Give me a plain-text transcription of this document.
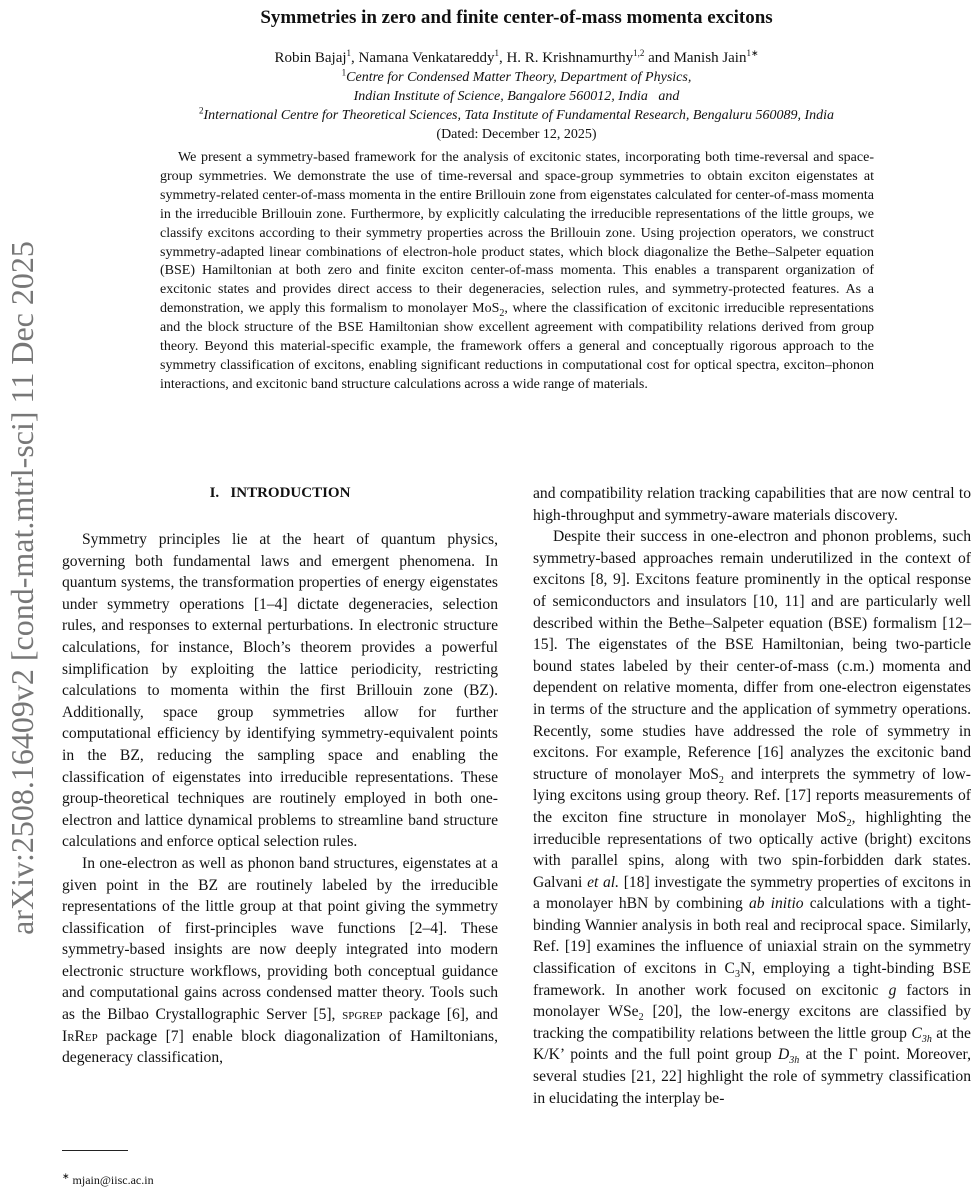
arXiv:2508.16409v2 [cond-mat.mtrl-sci] 11 Dec 2025
Symmetries in zero and finite center-of-mass momenta excitons
Robin Bajaj$^1$, Namana Venkatareddy$^1$, H. R. Krishnamurthy$^{1,2}$ and Manish Jain$^{1∗}$
$^1$Centre for Condensed Matter Theory, Department of Physics,
Indian Institute of Science, Bangalore 560012, India   and
$^2$International Centre for Theoretical Sciences, Tata Institute of Fundamental Research, Bengaluru 560089, India
(Dated: December 12, 2025)

We present a symmetry-based framework for the analysis of excitonic states, incorporating both time-reversal and space-group symmetries. We demonstrate the use of time-reversal and space-group symmetries to obtain exciton eigenstates at symmetry-related center-of-mass momenta in the entire Brillouin zone from eigenstates calculated for center-of-mass momenta in the irreducible Brillouin zone. Furthermore, by explicitly calculating the irreducible representations of the little groups, we classify excitons according to their symmetry properties across the Brillouin zone. Using projection operators, we construct symmetry-adapted linear combinations of electron-hole product states, which block diagonalize the Bethe–Salpeter equation (BSE) Hamiltonian at both zero and finite exciton center-of-mass momenta. This enables a transparent organization of excitonic states and provides direct access to their degeneracies, selection rules, and symmetry-protected features. As a demonstration, we apply this formalism to monolayer MoS$_2$, where the classification of excitonic irreducible representations and the block structure of the BSE Hamiltonian show excellent agreement with compatibility relations derived from group theory. Beyond this material-specific example, the framework offers a general and conceptually rigorous approach to the symmetry classification of excitons, enabling significant reductions in computational cost for optical spectra, exciton–phonon interactions, and excitonic band structure calculations across a wide range of materials.

I. INTRODUCTION

Symmetry principles lie at the heart of quantum physics, governing both fundamental laws and emergent phenomena. In quantum systems, the transformation properties of energy eigenstates under symmetry operations [1–4] dictate degeneracies, selection rules, and responses to external perturbations. In electronic structure calculations, for instance, Bloch’s theorem provides a powerful simplification by exploiting the lattice periodicity, restricting calculations to momenta within the first Brillouin zone (BZ). Additionally, space group symmetries allow for further computational efficiency by identifying symmetry-equivalent points in the BZ, reducing the sampling space and enabling the classification of eigenstates into irreducible representations. These group-theoretical techniques are routinely employed in both one-electron and lattice dynamical problems to streamline band structure calculations and enforce optical selection rules.

In one-electron as well as phonon band structures, eigenstates at a given point in the BZ are routinely labeled by the irreducible representations of the little group at that point giving the symmetry classification of first-principles wave functions [2–4]. These symmetry-based insights are now deeply integrated into modern electronic structure workflows, providing both conceptual guidance and computational gains across condensed matter theory. Tools such as the Bilbao Crystallographic Server [5], spgrep package [6], and IrRep package [7] enable block diagonalization of Hamiltonians, degeneracy classification,

and compatibility relation tracking capabilities that are now central to high-throughput and symmetry-aware materials discovery.

Despite their success in one-electron and phonon problems, such symmetry-based approaches remain underutilized in the context of excitons [8, 9]. Excitons feature prominently in the optical response of semiconductors and insulators [10, 11] and are particularly well described within the Bethe–Salpeter equation (BSE) formalism [12–15]. The eigenstates of the BSE Hamiltonian, being two-particle bound states labeled by their center-of-mass (c.m.) momenta and dependent on relative momenta, differ from one-electron eigenstates in terms of the structure and the application of symmetry operations. Recently, some studies have addressed the role of symmetry in excitons. For example, Reference [16] analyzes the excitonic band structure of monolayer MoS$_2$ and interprets the symmetry of low-lying excitons using group theory. Ref. [17] reports measurements of the exciton fine structure in monolayer MoS$_2$, highlighting the irreducible representations of two optically active (bright) excitons with parallel spins, along with two spin-forbidden dark states. Galvani et al. [18] investigate the symmetry properties of excitons in a monolayer hBN by combining ab initio calculations with a tight-binding Wannier analysis in both real and reciprocal space. Similarly, Ref. [19] examines the influence of uniaxial strain on the symmetry classification of excitons in $C_3N$, employing a tight-binding BSE framework. In another work focused on excitonic g factors in monolayer WSe$_2$ [20], the low-energy excitons are classified by tracking the compatibility relations between the little group $C_{3h}$ at the K/K’ points and the full point group $D_{3h}$ at the Γ point. Moreover, several studies [21, 22] highlight the role of symmetry classification in elucidating the interplay be-

∗ mjain@iisc.ac.in
